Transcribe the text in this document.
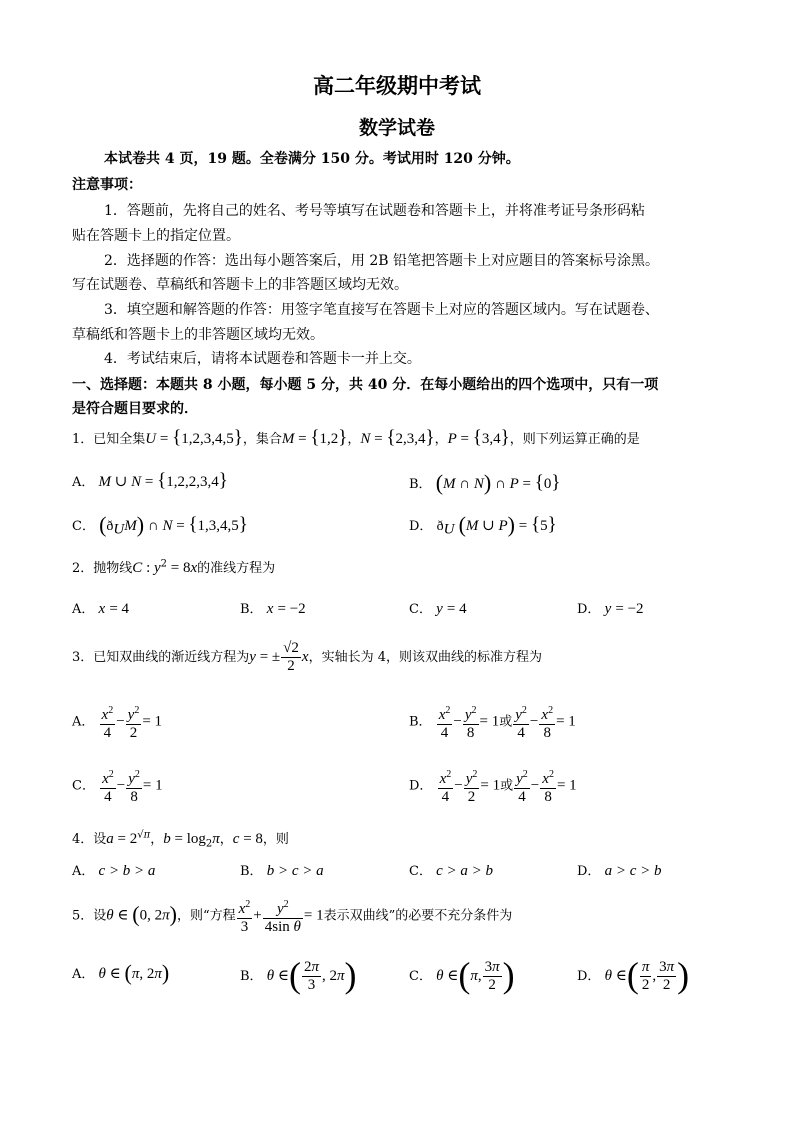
高二年级期中考试
数学试卷
本试卷共 4 页，19 题。全卷满分 150 分。考试用时 120 分钟。
注意事项：
1．答题前，先将自己的姓名、考号等填写在试题卷和答题卡上，并将准考证号条形码粘
贴在答题卡上的指定位置。
2．选择题的作答：选出每小题答案后，用 2B 铅笔把答题卡上对应题目的答案标号涂黑。
写在试题卷、草稿纸和答题卡上的非答题区域均无效。
3．填空题和解答题的作答：用签字笔直接写在答题卡上对应的答题区域内。写在试题卷、
草稿纸和答题卡上的非答题区域均无效。
4．考试结束后，请将本试题卷和答题卡一并上交。
一、选择题：本题共 8 小题，每小题 5 分，共 40 分．在每小题给出的四个选项中，只有一项
是符合题目要求的．
1．已知全集U = {1,2,3,4,5}，集合M = {1,2}，N = {2,3,4}，P = {3,4}，则下列运算正确的是
A． M ∪ N = {1,2,2,3,4}	B． (M ∩ N) ∩ P = {0}
C． $(ð_UM)$ ∩ N = {1,3,4,5}	D． $ð_U$ (M ∪ P) = {5}
2．抛物线C : $y^2 = 8x$的准线方程为
A． x = 4	B． x = −2	C． y = 4	D． y = −2
3．已知双曲线的渐近线方程为y = ± $\frac{√2}{2}$ x，实轴长为 4，则该双曲线的标准方程为
A． $\frac{x^2}{4} - \frac{y^2}{2} = 1$	B． $\frac{x^2}{4} - \frac{y^2}{8} = 1$或 $\frac{y^2}{4} - \frac{x^2}{8} = 1$
C． $\frac{x^2}{4} - \frac{y^2}{8} = 1$	D． $\frac{x^2}{4} - \frac{y^2}{2} = 1$或 $\frac{y^2}{4} - \frac{x^2}{8} = 1$
4．设$a = 2^{√\pi}$，$b = \log_2\pi$，c = 8，则
A． c > b > a	B． b > c > a	C． c > a > b	D． a > c > b
5．设θ ∈ (0, 2π)，则“方程 $\frac{x^2}{3} + \frac{y^2}{\text{4sin θ}} = 1$表示双曲线”的必要不充分条件为
A． θ ∈ (π, 2π)	B． θ ∈( $\frac{2\pi}{3}$ , 2π)	C． θ ∈(π, $\frac{3\pi}{2}$ )	D． θ ∈( $\frac{\pi}{2}$ , $\frac{3\pi}{2}$ )
